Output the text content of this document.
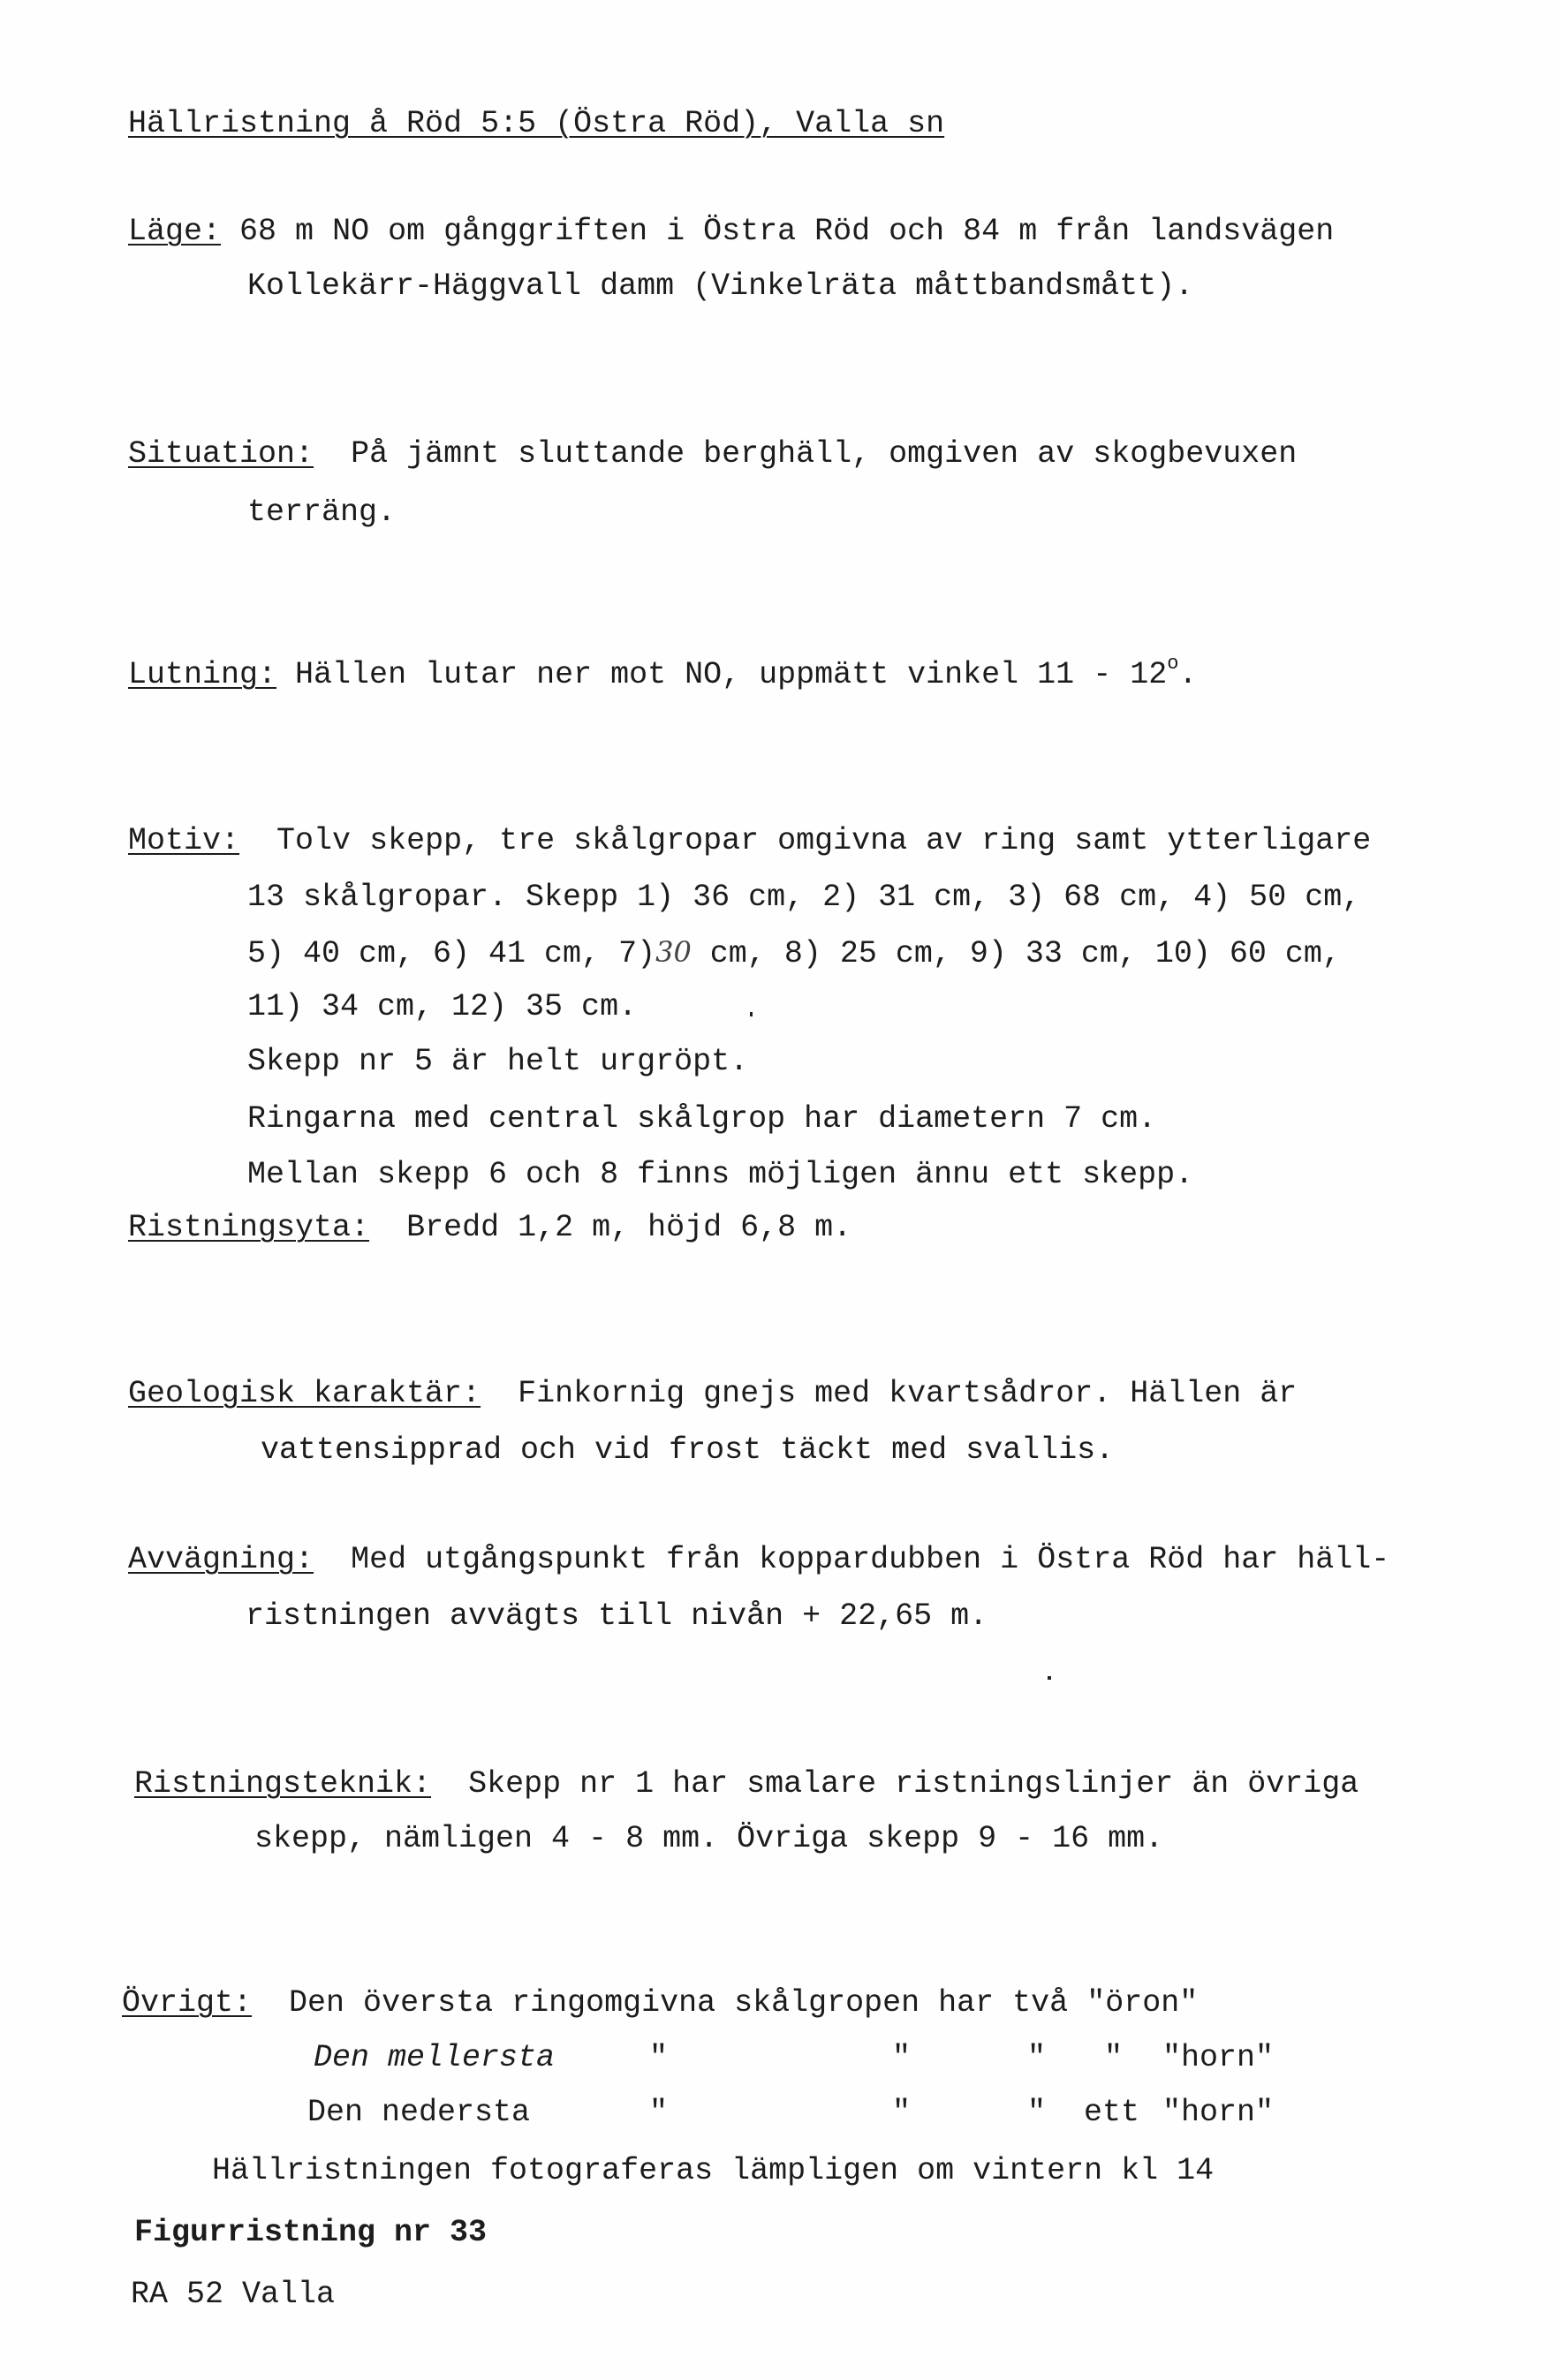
Hällristning å Röd 5:5 (Östra Röd), Valla sn
Läge: 68 m NO om gånggriften i Östra Röd och 84 m från landsvägen
Kollekärr-Häggvall damm (Vinkelräta måttbandsmått).
Situation: På jämnt sluttande berghäll, omgiven av skogbevuxen
terräng.
Lutning: Hällen lutar ner mot NO, uppmätt vinkel 11 - 12$^o$.
Motiv: Tolv skepp, tre skålgropar omgivna av ring samt ytterligare
13 skålgropar. Skepp 1) 36 cm, 2) 31 cm, 3) 68 cm, 4) 50 cm,
5) 40 cm, 6) 41 cm, 7)30 cm, 8) 25 cm, 9) 33 cm, 10) 60 cm,
11) 34 cm, 12) 35 cm.
Skepp nr 5 är helt urgröpt.
Ringarna med central skålgrop har diametern 7 cm.
Mellan skepp 6 och 8 finns möjligen ännu ett skepp.
Ristningsyta: Bredd 1,2 m, höjd 6,8 m.
Geologisk karaktär: Finkornig gnejs med kvartsådror. Hällen är
vattensipprad och vid frost täckt med svallis.
Avvägning: Med utgångspunkt från koppardubben i Östra Röd har häll-
ristningen avvägts till nivån + 22,65 m.
Ristningsteknik: Skepp nr 1 har smalare ristningslinjer än övriga
skepp, nämligen 4 - 8 mm. Övriga skepp 9 - 16 mm.
Övrigt: Den översta ringomgivna skålgropen har två "öron"
Den mellersta	"	"	" " "horn"
Den nedersta	"	"	" ett "horn"
Hällristningen fotograferas lämpligen om vintern kl 14
Figurristning nr 33
RA 52 Valla
